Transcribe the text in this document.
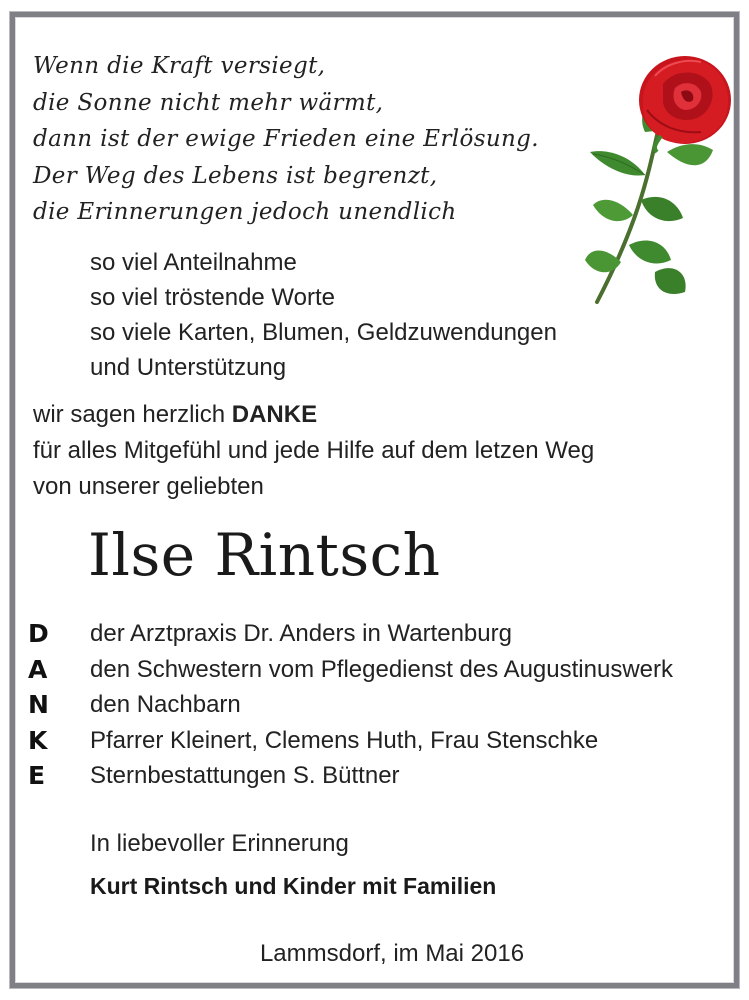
Wenn die Kraft versiegt,
die Sonne nicht mehr wärmt,
dann ist der ewige Frieden eine Erlösung.
Der Weg des Lebens ist begrenzt,
die Erinnerungen jedoch unendlich
so viel Anteilnahme
so viel tröstende Worte
so viele Karten, Blumen, Geldzuwendungen
und Unterstützung
wir sagen herzlich DANKE
für alles Mitgefühl und jede Hilfe auf dem letzen Weg
von unserer geliebten
Ilse Rintsch
D
A
N
K
E
der Arztpraxis Dr. Anders in Wartenburg
den Schwestern vom Pflegedienst des Augustinuswerk
den Nachbarn
Pfarrer Kleinert, Clemens Huth, Frau Stenschke
Sternbestattungen S. Büttner
In liebevoller Erinnerung
Kurt Rintsch und Kinder mit Familien
Lammsdorf, im Mai 2016
